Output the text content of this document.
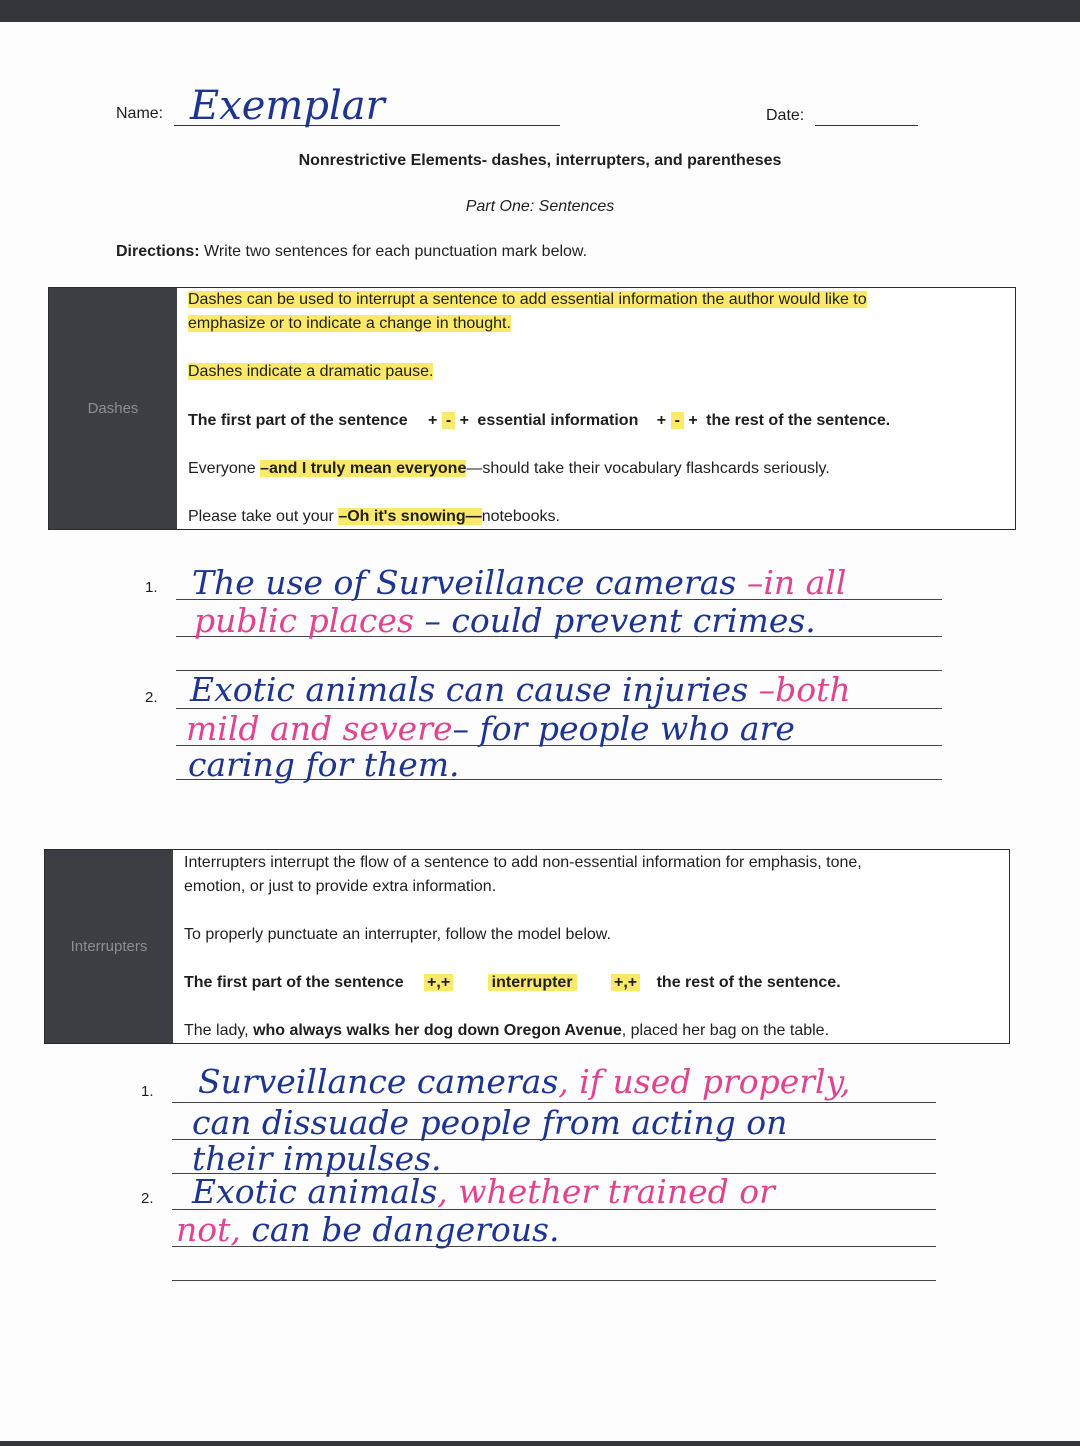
Name: Exemplar	Date:
Nonrestrictive Elements- dashes, interrupters, and parentheses
Part One: Sentences
Directions: Write two sentences for each punctuation mark below.
Dashes
Dashes can be used to interrupt a sentence to add essential information the author would like to
emphasize or to indicate a change in thought.
Dashes indicate a dramatic pause.
The first part of the sentence + - + essential information + - + the rest of the sentence.
Everyone –and I truly mean everyone—should take their vocabulary flashcards seriously.
Please take out your –Oh it's snowing—notebooks.
1. The use of Surveillance cameras –in all
public places – could prevent crimes.
2. Exotic animals can cause injuries –both
mild and severe– for people who are
caring for them.
Interrupters
Interrupters interrupt the flow of a sentence to add non-essential information for emphasis, tone,
emotion, or just to provide extra information.
To properly punctuate an interrupter, follow the model below.
The first part of the sentence +,+	interrupter	+,+ the rest of the sentence.
The lady, who always walks her dog down Oregon Avenue, placed her bag on the table.
1. Surveillance cameras, if used properly,
can dissuade people from acting on
their impulses.
2. Exotic animals, whether trained or
not, can be dangerous.
